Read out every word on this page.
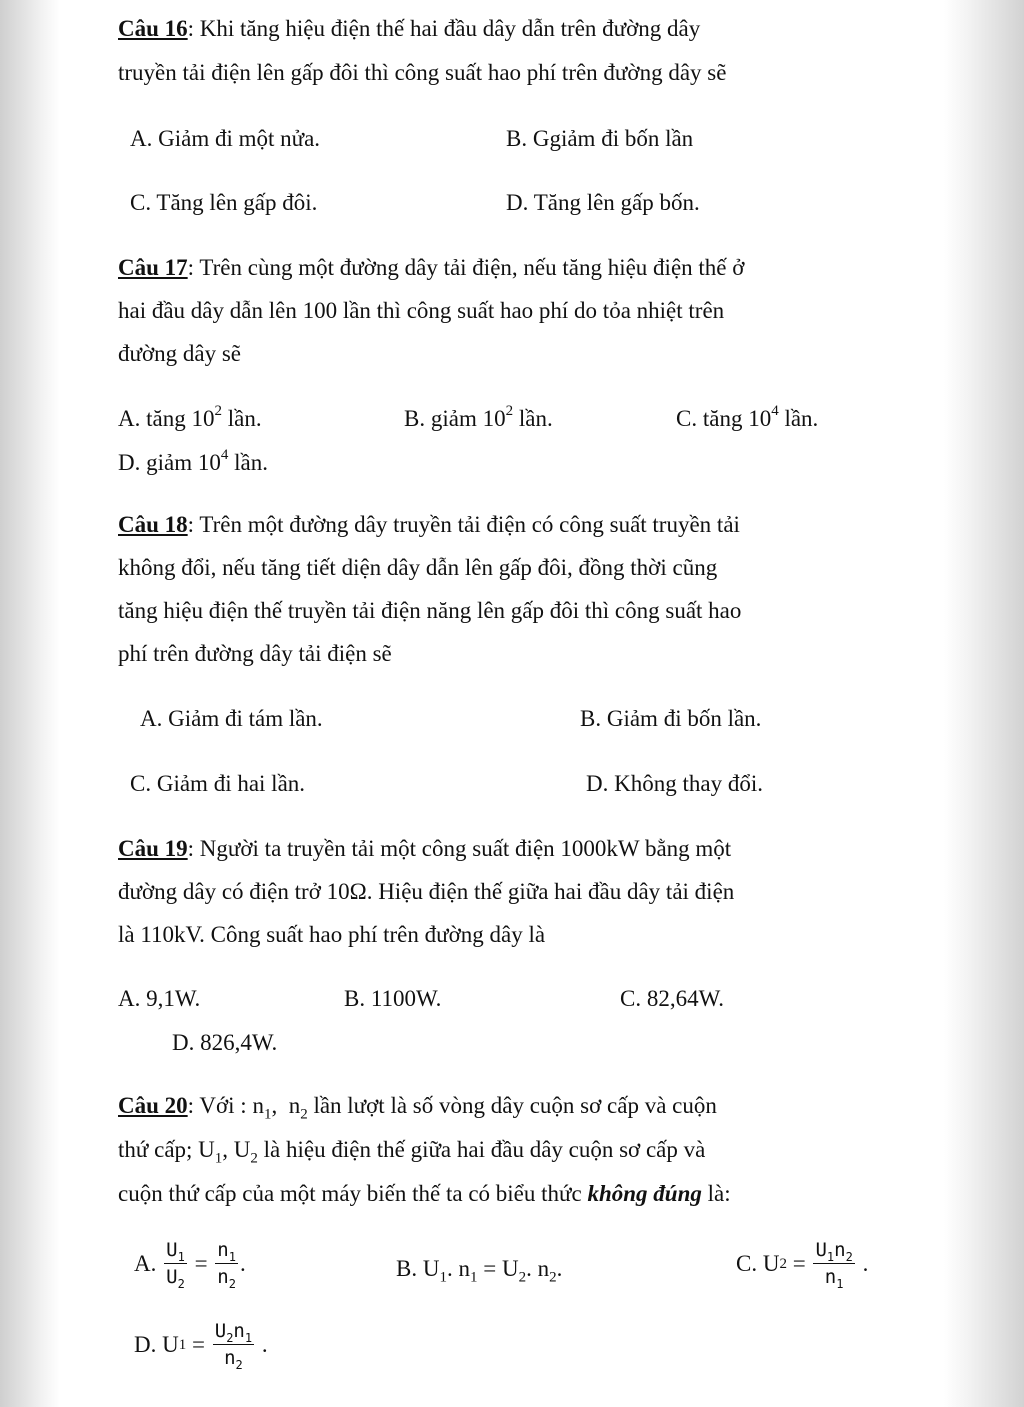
Câu 16: Khi tăng hiệu điện thế hai đầu dây dẫn trên đường dây
truyền tải điện lên gấp đôi thì công suất hao phí trên đường dây sẽ
A. Giảm đi một nửa.	B. Ggiảm đi bốn lần
C. Tăng lên gấp đôi.	D. Tăng lên gấp bốn.
Câu 17: Trên cùng một đường dây tải điện, nếu tăng hiệu điện thế ở
hai đầu dây dẫn lên 100 lần thì công suất hao phí do tỏa nhiệt trên
đường dây sẽ
A. tăng $10^2$ lần.	B. giảm $10^2$ lần.	C. tăng $10^4$ lần.
D. giảm $10^4$ lần.
Câu 18: Trên một đường dây truyền tải điện có công suất truyền tải
không đổi, nếu tăng tiết diện dây dẫn lên gấp đôi, đồng thời cũng
tăng hiệu điện thế truyền tải điện năng lên gấp đôi thì công suất hao
phí trên đường dây tải điện sẽ
A. Giảm đi tám lần.	B. Giảm đi bốn lần.
C. Giảm đi hai lần.	D. Không thay đổi.
Câu 19: Người ta truyền tải một công suất điện 1000kW bằng một
đường dây có điện trở 10Ω. Hiệu điện thế giữa hai đầu dây tải điện
là 110kV. Công suất hao phí trên đường dây là
A. 9,1W.	B. 1100W.	C. 82,64W.
D. 826,4W.
Câu 20: Với : $n_1$, $n_2$ lần lượt là số vòng dây cuộn sơ cấp và cuộn
thứ cấp; $U_1$, $U_2$ là hiệu điện thế giữa hai đầu dây cuộn sơ cấp và
cuộn thứ cấp của một máy biến thế ta có biểu thức không đúng là:
A.
$\frac{U_1}{U_2}$
=
$\frac{n_1}{n_2}$ .	B. $U_1$. $n_1 = U_2$. $n_2$.	C.
U 2
=
$\frac{U_1n_2}{n_1}$
.
D.
U 1
=
$\frac{U_2n_1}{n_2}$
.
